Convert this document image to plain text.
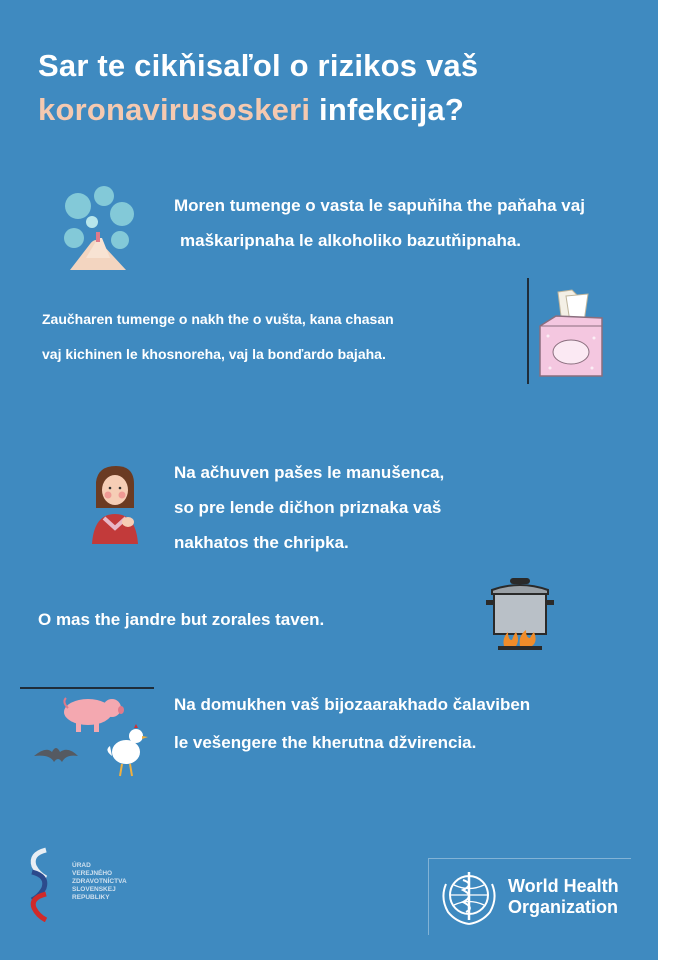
Sar te cikňisaľol o rizikos vaš
koronavirusoskeri infekcija?
Moren tumenge o vasta le sapuňiha the paňaha vaj
maškaripnaha le alkoholiko bazutňipnaha.
Zaučharen tumenge o nakh the o vušta, kana chasan
vaj kichinen le khosnoreha, vaj la bonďardo bajaha.
Na ačhuven pašes le manušenca,
so pre lende dičhon priznaka vaš
nakhatos the chripka.
O mas the jandre but zorales taven.
Na domukhen vaš bijozaarakhado čalaviben
le vešengere the kherutna džvirencia.
ÚRAD
VEREJNÉHO
ZDRAVOTNÍCTVA
SLOVENSKEJ
REPUBLIKY
World Health
Organization
